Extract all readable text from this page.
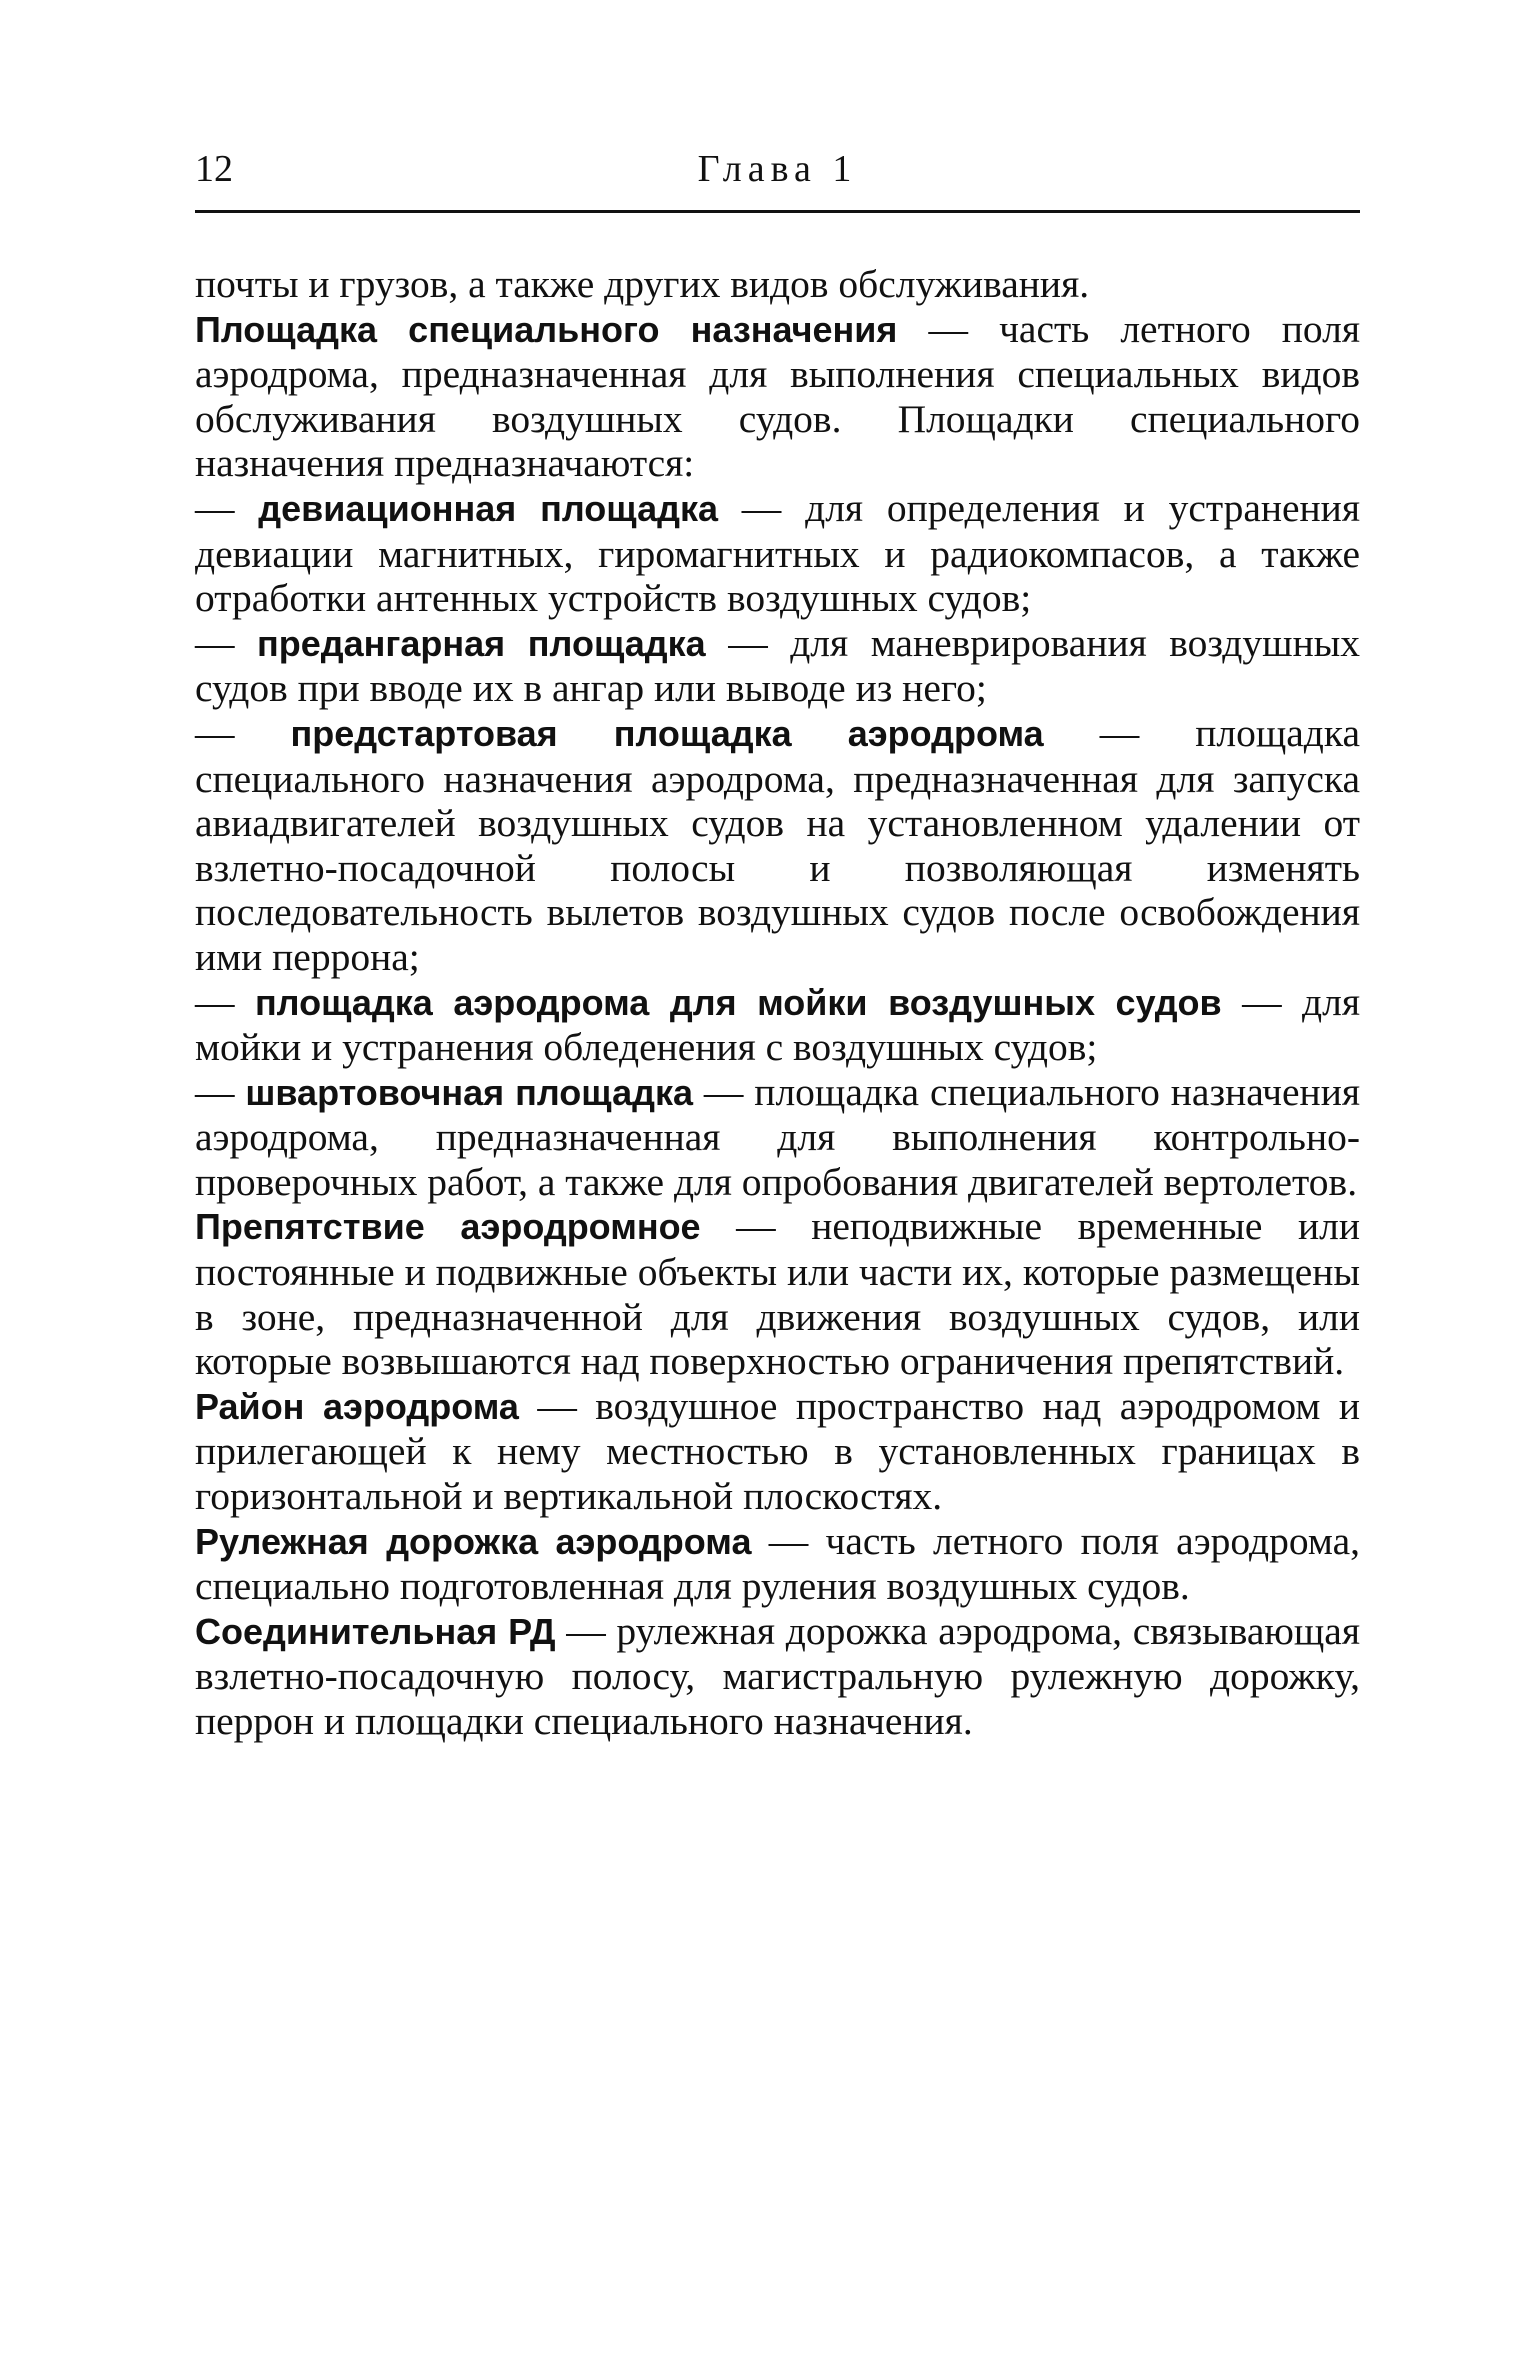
12	Глава 1

почты и грузов, а также других видов обслуживания.

Площадка специального назначения — часть летного поля аэродрома, предназначенная для выполнения специальных видов обслуживания воздушных судов. Площадки специального назначения предназначаются:

— девиационная площадка — для определения и устранения девиации магнитных, гиромагнитных и радиокомпасов, а также отработки антенных устройств воздушных судов;

— предангарная площадка — для маневрирования воздушных судов при вводе их в ангар или выводе из него;

— предстартовая площадка аэродрома — площадка специального назначения аэродрома, предназначенная для запуска авиадвигателей воздушных судов на установленном удалении от взлетно-посадочной полосы и позволяющая изменять последовательность вылетов воздушных судов после освобождения ими перрона;

— площадка аэродрома для мойки воздушных судов — для мойки и устранения обледенения с воздушных судов;

— швартовочная площадка — площадка специального назначения аэродрома, предназначенная для выполнения контрольно-проверочных работ, а также для опробования двигателей вертолетов.

Препятствие аэродромное — неподвижные временные или постоянные и подвижные объекты или части их, которые размещены в зоне, предназначенной для движения воздушных судов, или которые возвышаются над поверхностью ограничения препятствий.

Район аэродрома — воздушное пространство над аэродромом и прилегающей к нему местностью в установленных границах в горизонтальной и вертикальной плоскостях.

Рулежная дорожка аэродрома — часть летного поля аэродрома, специально подготовленная для руления воздушных судов.

Соединительная РД — рулежная дорожка аэродрома, связывающая взлетно-посадочную полосу, магистральную рулежную дорожку, перрон и площадки специального назначения.
